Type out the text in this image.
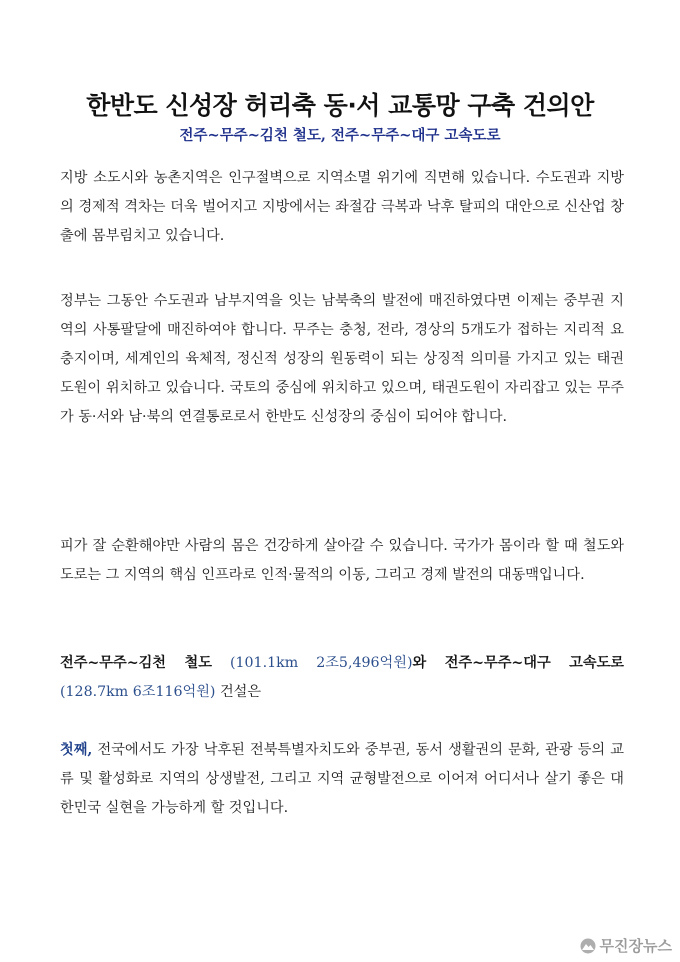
한반도 신성장 허리축 동·서 교통망 구축 건의안
전주~무주~김천 철도, 전주~무주~대구 고속도로

지방 소도시와 농촌지역은 인구절벽으로 지역소멸 위기에 직면해 있습니다. 수도권과 지방의 경제적 격차는 더욱 벌어지고 지방에서는 좌절감 극복과 낙후 탈피의 대안으로 신산업 창출에 몸부림치고 있습니다.

정부는 그동안 수도권과 남부지역을 잇는 남북축의 발전에 매진하였다면 이제는 중부권 지역의 사통팔달에 매진하여야 합니다. 무주는 충청, 전라, 경상의 5개도가 접하는 지리적 요충지이며, 세계인의 육체적, 정신적 성장의 원동력이 되는 상징적 의미를 가지고 있는 태권도원이 위치하고 있습니다. 국토의 중심에 위치하고 있으며, 태권도원이 자리잡고 있는 무주가 동·서와 남·북의 연결통로로서 한반도 신성장의 중심이 되어야 합니다.

피가 잘 순환해야만 사람의 몸은 건강하게 살아갈 수 있습니다. 국가가 몸이라 할 때 철도와 도로는 그 지역의 핵심 인프라로 인적·물적의 이동, 그리고 경제 발전의 대동맥입니다.

전주~무주~김천 철도 (101.1km 2조5,496억원)와 전주~무주~대구 고속도로 (128.7km 6조116억원) 건설은

첫째, 전국에서도 가장 낙후된 전북특별자치도와 중부권, 동서 생활권의 문화, 관광 등의 교류 및 활성화로 지역의 상생발전, 그리고 지역 균형발전으로 이어져 어디서나 살기 좋은 대한민국 실현을 가능하게 할 것입니다.

무진장뉴스
